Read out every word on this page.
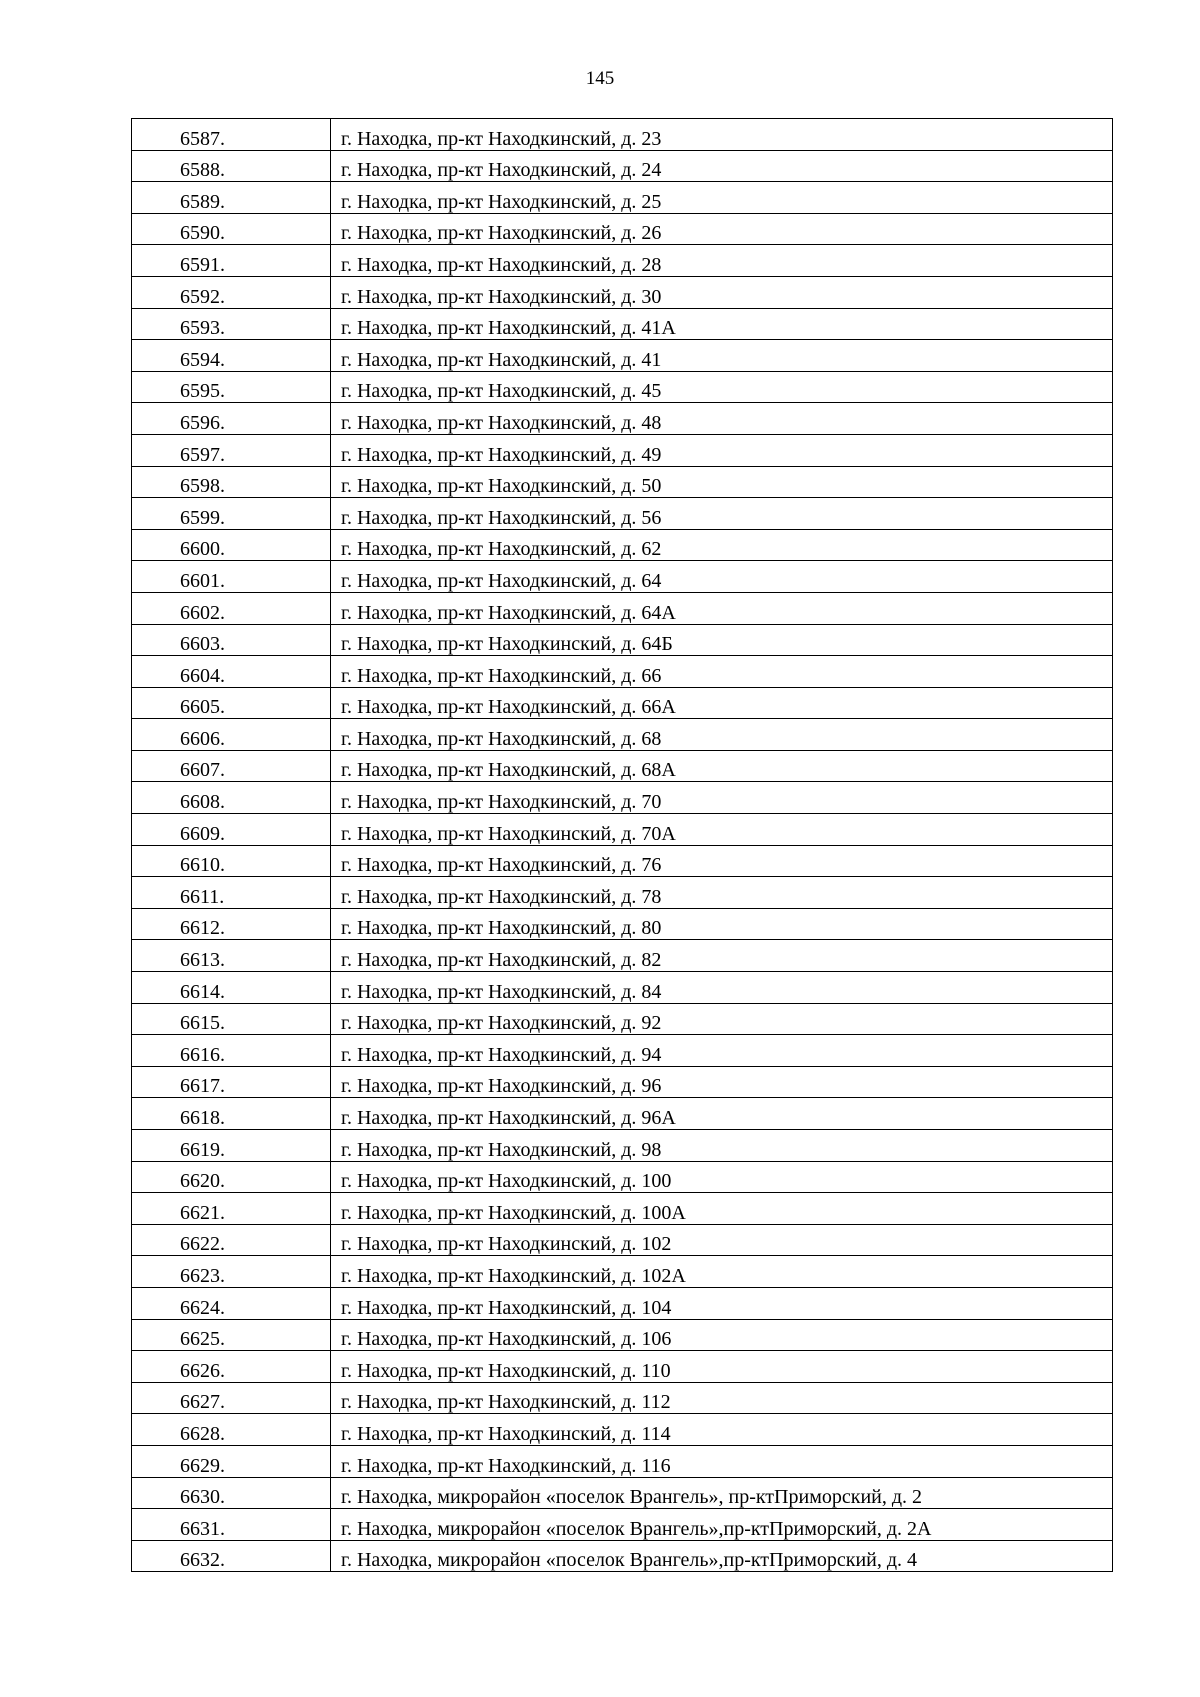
145
6587.	г. Находка, пр-кт Находкинский, д. 23
6588.	г. Находка, пр-кт Находкинский, д. 24
6589.	г. Находка, пр-кт Находкинский, д. 25
6590.	г. Находка, пр-кт Находкинский, д. 26
6591.	г. Находка, пр-кт Находкинский, д. 28
6592.	г. Находка, пр-кт Находкинский, д. 30
6593.	г. Находка, пр-кт Находкинский, д. 41А
6594.	г. Находка, пр-кт Находкинский, д. 41
6595.	г. Находка, пр-кт Находкинский, д. 45
6596.	г. Находка, пр-кт Находкинский, д. 48
6597.	г. Находка, пр-кт Находкинский, д. 49
6598.	г. Находка, пр-кт Находкинский, д. 50
6599.	г. Находка, пр-кт Находкинский, д. 56
6600.	г. Находка, пр-кт Находкинский, д. 62
6601.	г. Находка, пр-кт Находкинский, д. 64
6602.	г. Находка, пр-кт Находкинский, д. 64А
6603.	г. Находка, пр-кт Находкинский, д. 64Б
6604.	г. Находка, пр-кт Находкинский, д. 66
6605.	г. Находка, пр-кт Находкинский, д. 66А
6606.	г. Находка, пр-кт Находкинский, д. 68
6607.	г. Находка, пр-кт Находкинский, д. 68А
6608.	г. Находка, пр-кт Находкинский, д. 70
6609.	г. Находка, пр-кт Находкинский, д. 70А
6610.	г. Находка, пр-кт Находкинский, д. 76
6611.	г. Находка, пр-кт Находкинский, д. 78
6612.	г. Находка, пр-кт Находкинский, д. 80
6613.	г. Находка, пр-кт Находкинский, д. 82
6614.	г. Находка, пр-кт Находкинский, д. 84
6615.	г. Находка, пр-кт Находкинский, д. 92
6616.	г. Находка, пр-кт Находкинский, д. 94
6617.	г. Находка, пр-кт Находкинский, д. 96
6618.	г. Находка, пр-кт Находкинский, д. 96А
6619.	г. Находка, пр-кт Находкинский, д. 98
6620.	г. Находка, пр-кт Находкинский, д. 100
6621.	г. Находка, пр-кт Находкинский, д. 100А
6622.	г. Находка, пр-кт Находкинский, д. 102
6623.	г. Находка, пр-кт Находкинский, д. 102А
6624.	г. Находка, пр-кт Находкинский, д. 104
6625.	г. Находка, пр-кт Находкинский, д. 106
6626.	г. Находка, пр-кт Находкинский, д. 110
6627.	г. Находка, пр-кт Находкинский, д. 112
6628.	г. Находка, пр-кт Находкинский, д. 114
6629.	г. Находка, пр-кт Находкинский, д. 116
6630.	г. Находка, микрорайон «поселок Врангель», пр-ктПриморский, д. 2
6631.	г. Находка, микрорайон «поселок Врангель»,пр-ктПриморский, д. 2А
6632.	г. Находка, микрорайон «поселок Врангель»,пр-ктПриморский, д. 4
